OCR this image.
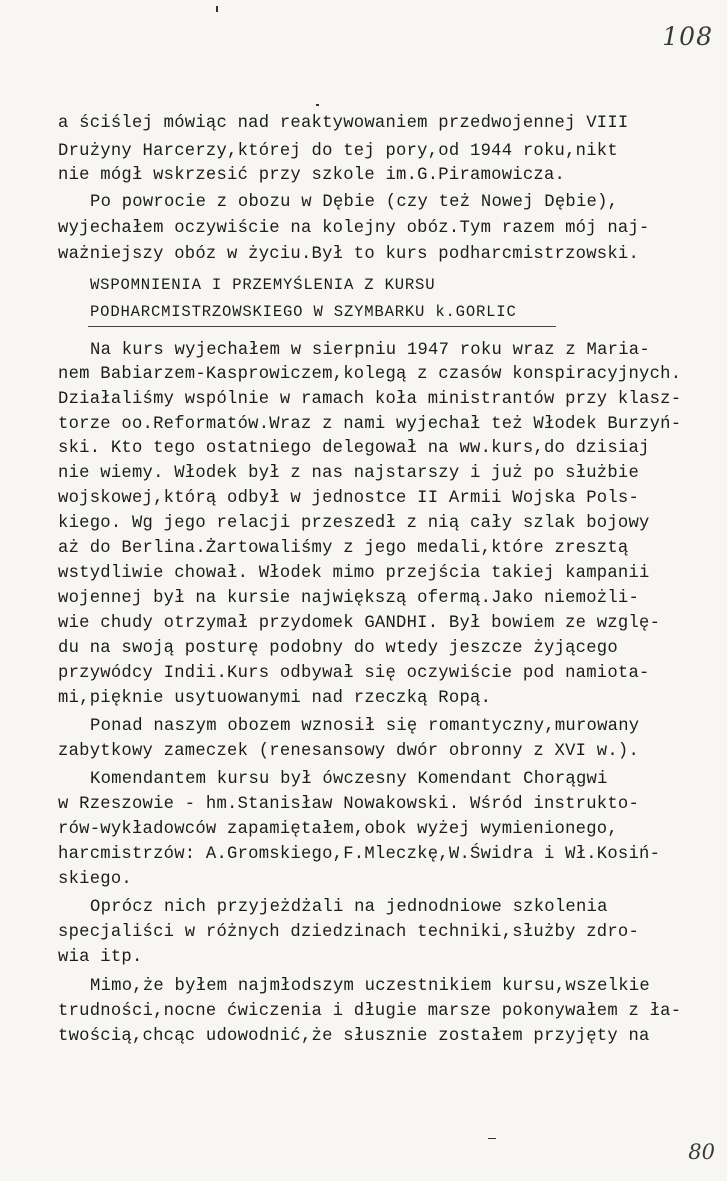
108
a ściślej mówiąc nad reaktywowaniem przedwojennej VIII
Drużyny Harcerzy,której do tej pory,od 1944 roku,nikt
nie mógł wskrzesić przy szkole im.G.Piramowicza.
Po powrocie z obozu w Dębie (czy też Nowej Dębie),
wyjechałem oczywiście na kolejny obóz.Tym razem mój naj-
ważniejszy obóz w życiu.Był to kurs podharcmistrzowski.
WSPOMNIENIA I PRZEMYŚLENIA Z KURSU
PODHARCMISTRZOWSKIEGO W SZYMBARKU k.GORLIC
Na kurs wyjechałem w sierpniu 1947 roku wraz z Maria-
nem Babiarzem-Kasprowiczem,kolegą z czasów konspiracyjnych.
Działaliśmy wspólnie w ramach koła ministrantów przy klasz-
torze oo.Reformatów.Wraz z nami wyjechał też Włodek Burzyń-
ski. Kto tego ostatniego delegował na ww.kurs,do dzisiaj
nie wiemy. Włodek był z nas najstarszy i już po służbie
wojskowej,którą odbył w jednostce II Armii Wojska Pols-
kiego. Wg jego relacji przeszedł z nią cały szlak bojowy
aż do Berlina.Żartowaliśmy z jego medali,które zresztą
wstydliwie chował. Włodek mimo przejścia takiej kampanii
wojennej był na kursie największą ofermą.Jako niemożli-
wie chudy otrzymał przydomek GANDHI. Był bowiem ze wzglę-
du na swoją posturę podobny do wtedy jeszcze żyjącego
przywódcy Indii.Kurs odbywał się oczywiście pod namiota-
mi,pięknie usytuowanymi nad rzeczką Ropą.
Ponad naszym obozem wznosił się romantyczny,murowany
zabytkowy zameczek (renesansowy dwór obronny z XVI w.).
Komendantem kursu był ówczesny Komendant Chorągwi
w Rzeszowie - hm.Stanisław Nowakowski. Wśród instrukto-
rów-wykładowców zapamiętałem,obok wyżej wymienionego,
harcmistrzów: A.Gromskiego,F.Mleczkę,W.Świdra i Wł.Kosiń-
skiego.
Oprócz nich przyjeżdżali na jednodniowe szkolenia
specjaliści w różnych dziedzinach techniki,służby zdro-
wia itp.
Mimo,że byłem najmłodszym uczestnikiem kursu,wszelkie
trudności,nocne ćwiczenia i długie marsze pokonywałem z ła-
twością,chcąc udowodnić,że słusznie zostałem przyjęty na
80
